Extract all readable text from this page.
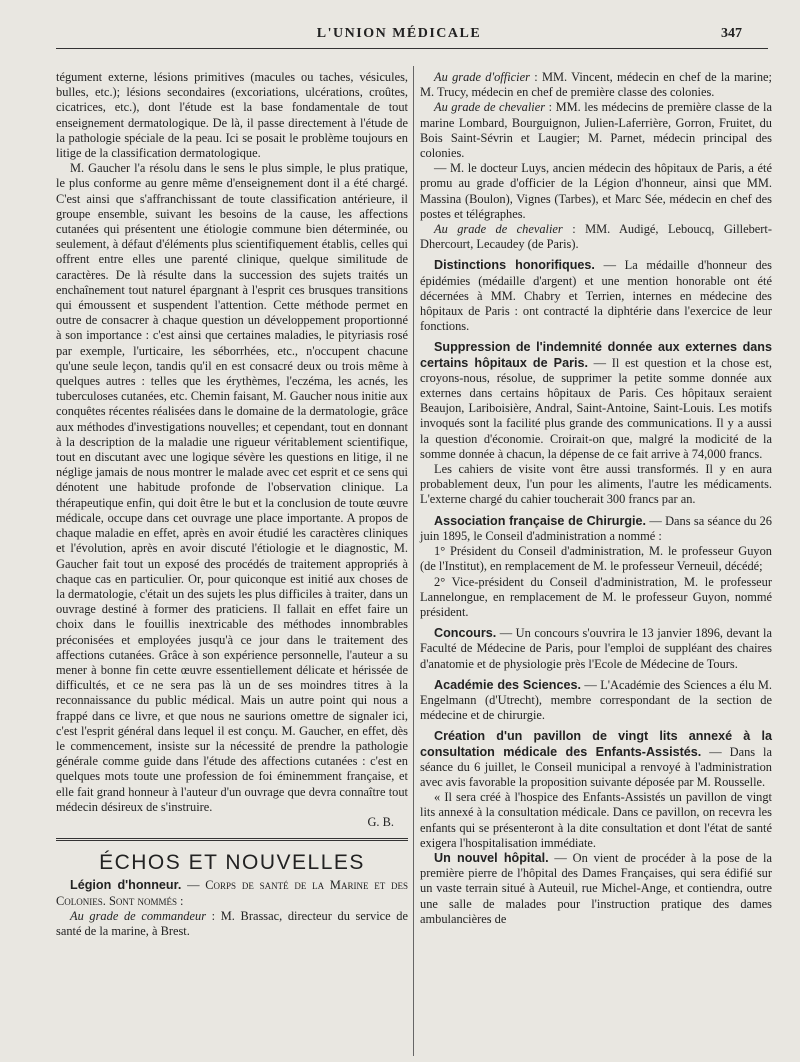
L'UNION MÉDICALE	347

tégument externe, lésions primitives (macules ou taches, vésicules, bulles, etc.); lésions secondaires (excoriations, ulcérations, croûtes, cicatrices, etc.), dont l'étude est la base fondamentale de tout enseignement dermatologique. De là, il passe directement à l'étude de la pathologie spéciale de la peau. Ici se posait le problème toujours en litige de la classification dermatologique.

M. Gaucher l'a résolu dans le sens le plus simple, le plus pratique, le plus conforme au genre même d'enseignement dont il a été chargé. C'est ainsi que s'affranchissant de toute classification antérieure, il groupe ensemble, suivant les besoins de la cause, les affections cutanées qui présentent une étiologie commune bien déterminée, ou seulement, à défaut d'éléments plus scientifiquement établis, celles qui offrent entre elles une parenté clinique, quelque similitude de caractères. De là résulte dans la succession des sujets traités un enchaînement tout naturel épargnant à l'esprit ces brusques transitions qui émoussent et suspendent l'attention. Cette méthode permet en outre de consacrer à chaque question un développement proportionné à son importance : c'est ainsi que certaines maladies, le pityriasis rosé par exemple, l'urticaire, les séborrhées, etc., n'occupent chacune qu'une seule leçon, tandis qu'il en est consacré deux ou trois même à quelques autres : telles que les érythèmes, l'eczéma, les acnés, les tuberculoses cutanées, etc. Chemin faisant, M. Gaucher nous initie aux conquêtes récentes réalisées dans le domaine de la dermatologie, grâce aux méthodes d'investigations nouvelles; et cependant, tout en donnant à la description de la maladie une rigueur véritablement scientifique, tout en discutant avec une logique sévère les questions en litige, il ne néglige jamais de nous montrer le malade avec cet esprit et ce sens qui dénotent une habitude profonde de l'observation clinique. La thérapeutique enfin, qui doit être le but et la conclusion de toute œuvre médicale, occupe dans cet ouvrage une place importante. A propos de chaque maladie en effet, après en avoir étudié les caractères cliniques et l'évolution, après en avoir discuté l'étiologie et le diagnostic, M. Gaucher fait tout un exposé des procédés de traitement appropriés à chaque cas en particulier. Or, pour quiconque est initié aux choses de la dermatologie, c'était un des sujets les plus difficiles à traiter, dans un ouvrage destiné à former des praticiens. Il fallait en effet faire un choix dans le fouillis inextricable des méthodes innombrables préconisées et employées jusqu'à ce jour dans le traitement des affections cutanées. Grâce à son expérience personnelle, l'auteur a su mener à bonne fin cette œuvre essentiellement délicate et hérissée de difficultés, et ce ne sera pas là un de ses moindres titres à la reconnaissance du public médical. Mais un autre point qui nous a frappé dans ce livre, et que nous ne saurions omettre de signaler ici, c'est l'esprit général dans lequel il est conçu. M. Gaucher, en effet, dès le commencement, insiste sur la nécessité de prendre la pathologie générale comme guide dans l'étude des affections cutanées : c'est en quelques mots toute une profession de foi éminemment française, et elle fait grand honneur à l'auteur d'un ouvrage que devra connaître tout médecin désireux de s'instruire.

G. B.
ÉCHOS ET NOUVELLES

Légion d'honneur. — Corps de santé de la Marine et des Colonies. Sont nommés :

Au grade de commandeur : M. Brassac, directeur du service de santé de la marine, à Brest.

Au grade d'officier : MM. Vincent, médecin en chef de la marine; M. Trucy, médecin en chef de première classe des colonies.

Au grade de chevalier : MM. les médecins de première classe de la marine Lombard, Bourguignon, Julien-Laferrière, Gorron, Fruitet, du Bois Saint-Sévrin et Laugier; M. Parnet, médecin principal des colonies.

— M. le docteur Luys, ancien médecin des hôpitaux de Paris, a été promu au grade d'officier de la Légion d'honneur, ainsi que MM. Massina (Boulon), Vignes (Tarbes), et Marc Sée, médecin en chef des postes et télégraphes.

Au grade de chevalier : MM. Audigé, Leboucq, Gillebert-Dhercourt, Lecaudey (de Paris).

Distinctions honorifiques. — La médaille d'honneur des épidémies (médaille d'argent) et une mention honorable ont été décernées à MM. Chabry et Terrien, internes en médecine des hôpitaux de Paris : ont contracté la diphtérie dans l'exercice de leur fonctions.

Suppression de l'indemnité donnée aux externes dans certains hôpitaux de Paris. — Il est question et la chose est, croyons-nous, résolue, de supprimer la petite somme donnée aux externes dans certains hôpitaux de Paris. Ces hôpitaux seraient Beaujon, Lariboisière, Andral, Saint-Antoine, Saint-Louis. Les motifs invoqués sont la facilité plus grande des communications. Il y a aussi la question d'économie. Croirait-on que, malgré la modicité de la somme donnée à chacun, la dépense de ce fait arrive à 74,000 francs.

Les cahiers de visite vont être aussi transformés. Il y en aura probablement deux, l'un pour les aliments, l'autre les médicaments. L'externe chargé du cahier toucherait 300 francs par an.

Association française de Chirurgie. — Dans sa séance du 26 juin 1895, le Conseil d'administration a nommé :

1° Président du Conseil d'administration, M. le professeur Guyon (de l'Institut), en remplacement de M. le professeur Verneuil, décédé;

2° Vice-président du Conseil d'administration, M. le professeur Lannelongue, en remplacement de M. le professeur Guyon, nommé président.

Concours. — Un concours s'ouvrira le 13 janvier 1896, devant la Faculté de Médecine de Paris, pour l'emploi de suppléant des chaires d'anatomie et de physiologie près l'Ecole de Médecine de Tours.

Académie des Sciences. — L'Académie des Sciences a élu M. Engelmann (d'Utrecht), membre correspondant de la section de médecine et de chirurgie.

Création d'un pavillon de vingt lits annexé à la consultation médicale des Enfants-Assistés. — Dans la séance du 6 juillet, le Conseil municipal a renvoyé à l'administration avec avis favorable la proposition suivante déposée par M. Rousselle.

« Il sera créé à l'hospice des Enfants-Assistés un pavillon de vingt lits annexé à la consultation médicale. Dans ce pavillon, on recevra les enfants qui se présenteront à la dite consultation et dont l'état de santé exigera l'hospitalisation immédiate.

Un nouvel hôpital. — On vient de procéder à la pose de la première pierre de l'hôpital des Dames Françaises, qui sera édifié sur un vaste terrain situé à Auteuil, rue Michel-Ange, et contiendra, outre une salle de malades pour l'instruction pratique des dames ambulancières de
